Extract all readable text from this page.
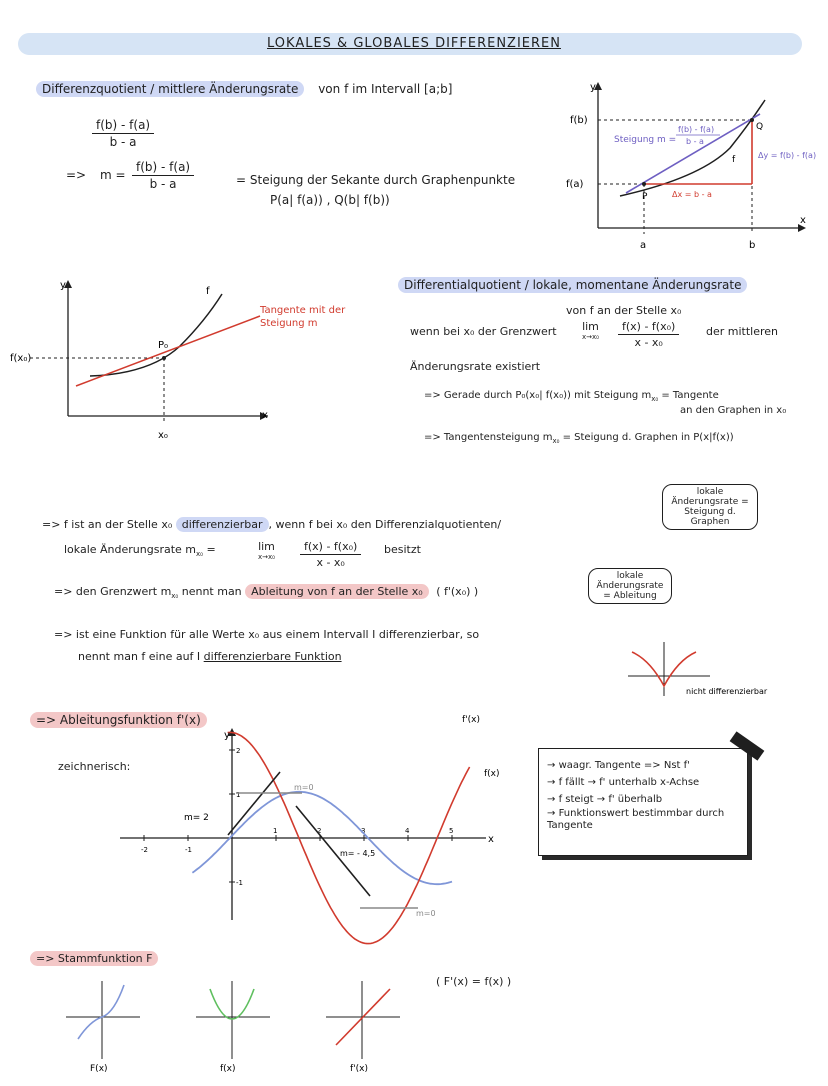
LOKALES & GLOBALES DIFFERENZIEREN
Differenzquotient / mittlere Änderungsrate von f im Intervall [a;b]
$\frac{f(b) - f(a)}{b - a}$
=> $m = \frac{f(b) - f(a)}{b - a}$	= Steigung der Sekante durch Graphenpunkte
P(a| f(a)) , Q(b| f(b))
y
x
f(b)
f(a)
Steigung m =
f(b) - f(a)
b - a
Q
P
f	Δy = f(b) - f(a)
Δx = b - a
a	b
y
x
f(x₀)
x₀
P₀
f
Tangente mit der
Steigung m
Differentialquotient / lokale, momentane Änderungsrate
von f an der Stelle x₀
wenn bei x₀ der Grenzwert lim
$x\to x_0 \frac{\text{f(x) - f(x₀)}}{\text{x - x₀}}$ der mittleren
Änderungsrate existiert
=> Gerade durch P₀(x₀| f(x₀)) mit Steigung $m_{x_0}$ = Tangente
an den Graphen in x₀
=> Tangentensteigung $m_{x_0}$ = Steigung d. Graphen in P(x|f(x))
=> f ist an der Stelle x₀ differenzierbar , wenn f bei x₀ den Differenzialquotienten/
lokale Änderungsrate $m_{x_0}$ =	lim
$x\to x_0 \frac{\text{f(x) - f(x₀)}}{\text{x - x₀}}$ besitzt
=> den Grenzwert $m_{x_0}$ nennt man Ableitung von f an der Stelle x₀ ( f'(x₀) )
=> ist eine Funktion für alle Werte x₀ aus einem Intervall I differenzierbar, so
nennt man f eine auf I differenzierbare Funktion
lokale Änderungsrate = Steigung d. Graphen
lokale Änderungsrate
= Ableitung
nicht differenzierbar
=> Ableitungsfunktion f'(x)
zeichnerisch:
-2	-1
1	2	3	4	5
2
1
-1
y
x
f'(x)
f(x)
m=0
m=0
m= 2
m= - 4,5
→ waagr. Tangente => Nst f'
→ f fällt → f' unterhalb x-Achse
→ f steigt → f' überhalb
→ Funktionswert bestimmbar durch Tangente
=> Stammfunktion F
( F'(x) = f(x) )
F(x)	f(x)	f'(x)
